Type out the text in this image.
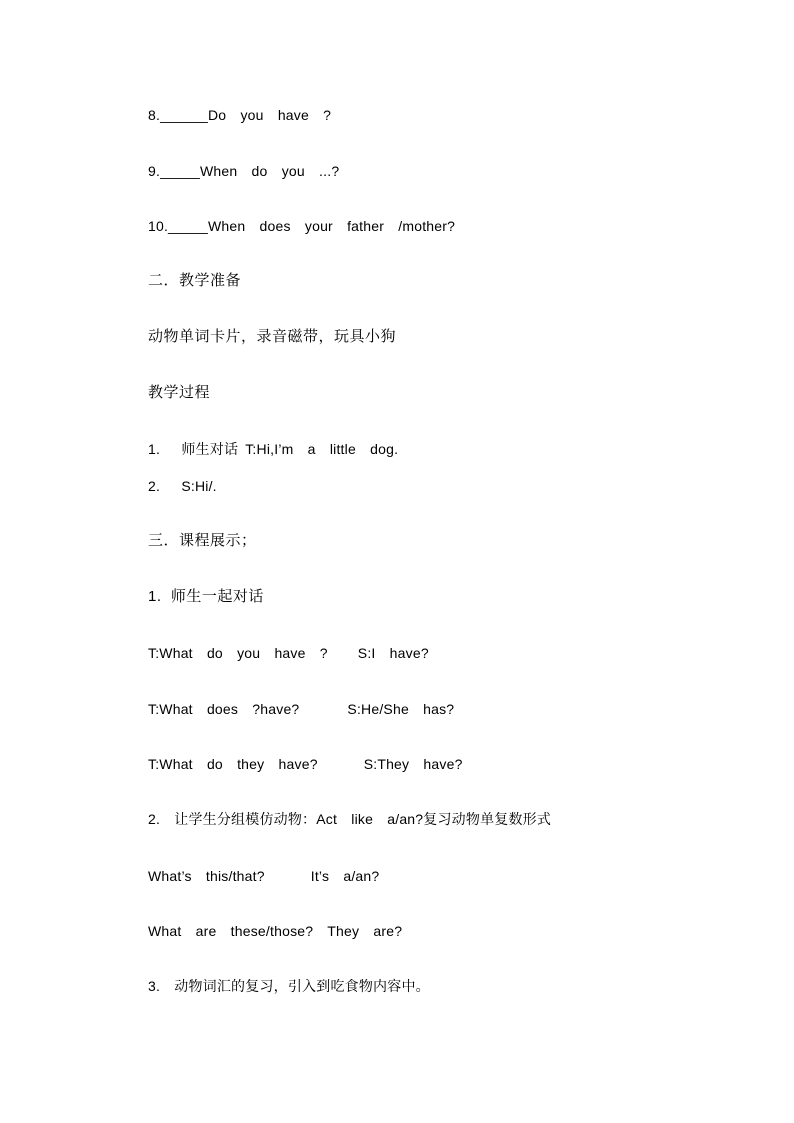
8.______Do  you  have  ?
9._____When  do  you  ...?
10._____When  does  your  father  /mother?
二．教学准备
动物单词卡片，录音磁带，玩具小狗
教学过程
1.   师生对话 T:Hi,I’m  a  little  dog.
2.   S:Hi/.
三．课程展示；
1.  师生一起对话
T:What  do  you  have  ? S:I  have?
T:What  does  ?have?	S:He/She  has?
T:What  do  they  have?	S:They  have?
2.  让学生分组模仿动物：Act  like  a/an?复习动物单复数形式
What’s  this/that?	It’s  a/an?
What  are  these/those? They  are?
3.  动物词汇的复习，引入到吃食物内容中。
